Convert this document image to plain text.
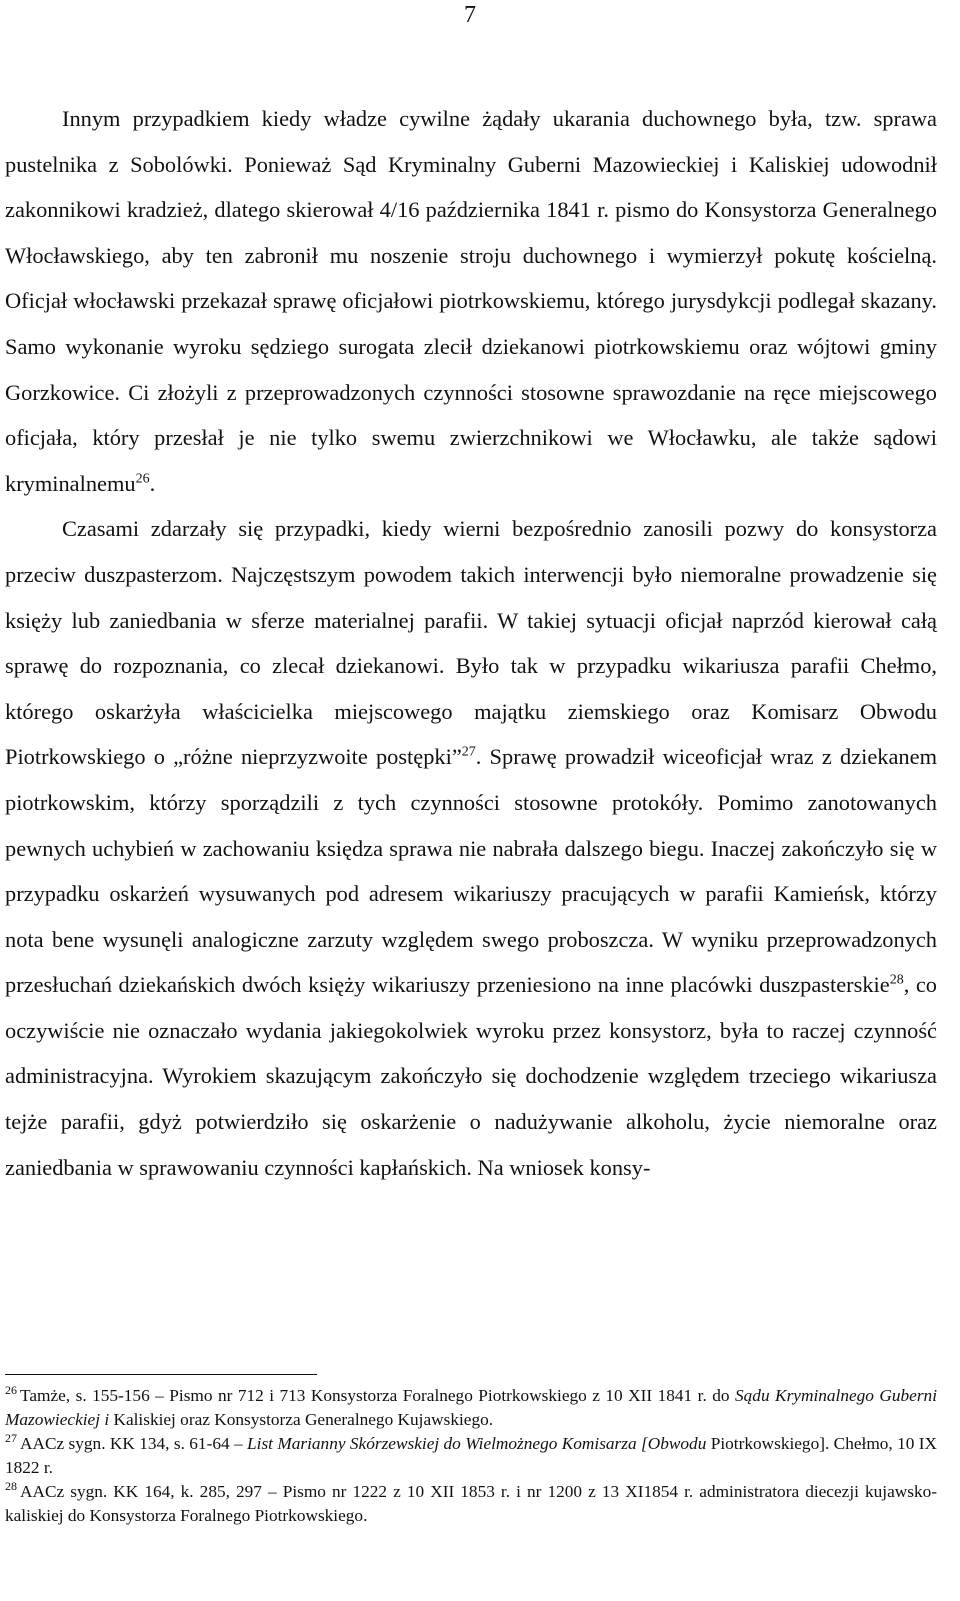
7

Innym przypadkiem kiedy władze cywilne żądały ukarania duchownego była, tzw. sprawa pustelnika z Sobolówki. Ponieważ Sąd Kryminalny Guberni Mazowieckiej i Kaliskiej udowodnił zakonnikowi kradzież, dlatego skierował 4/16 października 1841 r. pismo do Konsystorza Generalnego Włocławskiego, aby ten zabronił mu noszenie stroju duchownego i wymierzył pokutę kościelną. Oficjał włocławski przekazał sprawę oficjałowi piotrkowskiemu, którego jurysdykcji podlegał skazany. Samo wykonanie wyroku sędziego surogata zlecił dziekanowi piotrkowskiemu oraz wójtowi gminy Gorzkowice. Ci złożyli z przeprowadzonych czynności stosowne sprawozdanie na ręce miejscowego oficjała, który przesłał je nie tylko swemu zwierzchnikowi we Włocławku, ale także sądowi kryminalnemu$^{26}$.

Czasami zdarzały się przypadki, kiedy wierni bezpośrednio zanosili pozwy do konsystorza przeciw duszpasterzom. Najczęstszym powodem takich interwencji było niemoralne prowadzenie się księży lub zaniedbania w sferze materialnej parafii. W takiej sytuacji oficjał naprzód kierował całą sprawę do rozpoznania, co zlecał dziekanowi. Było tak w przypadku wikariusza parafii Chełmo, którego oskarżyła właścicielka miejscowego majątku ziemskiego oraz Komisarz Obwodu Piotrkowskiego o „różne nieprzyzwoite postępki”$^{27}$. Sprawę prowadził wiceoficjał wraz z dziekanem piotrkowskim, którzy sporządzili z tych czynności stosowne protokóły. Pomimo zanotowanych pewnych uchybień w zachowaniu księdza sprawa nie nabrała dalszego biegu. Inaczej zakończyło się w przypadku oskarżeń wysuwanych pod adresem wikariuszy pracujących w parafii Kamieńsk, którzy nota bene wysunęli analogiczne zarzuty względem swego proboszcza. W wyniku przeprowadzonych przesłuchań dziekańskich dwóch księży wikariuszy przeniesiono na inne placówki duszpasterskie$^{28}$, co oczywiście nie oznaczało wydania jakiegokolwiek wyroku przez konsystorz, była to raczej czynność administracyjna. Wyrokiem skazującym zakończyło się dochodzenie względem trzeciego wikariusza tejże parafii, gdyż potwierdziło się oskarżenie o nadużywanie alkoholu, życie niemoralne oraz zaniedbania w sprawowaniu czynności kapłańskich. Na wniosek konsy-

$^{26}$ Tamże, s. 155-156 – Pismo nr 712 i 713 Konsystorza Foralnego Piotrkowskiego z 10 XII 1841 r. do Sądu Kryminalnego Guberni Mazowieckiej i Kaliskiej oraz Konsystorza Generalnego Kujawskiego.

$^{27}$ AACz sygn. KK 134, s. 61-64 – List Marianny Skórzewskiej do Wielmożnego Komisarza [Obwodu Piotrkowskiego]. Chełmo, 10 IX 1822 r.

$^{28}$ AACz sygn. KK 164, k. 285, 297 – Pismo nr 1222 z 10 XII 1853 r. i nr 1200 z 13 XI1854 r. administratora diecezji kujawsko-kaliskiej do Konsystorza Foralnego Piotrkowskiego.
